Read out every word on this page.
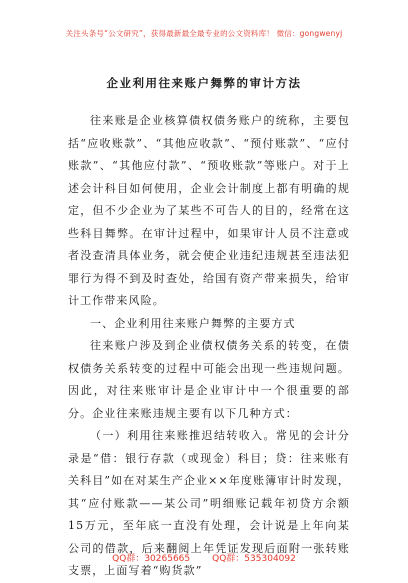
关注头条号“公文研究”，获得最新最全最专业的公文资料库！ 微信：gongwenyj
企业利用往来账户舞弊的审计方法

往来账是企业核算债权债务账户的统称，主要包括“应收账款”、“其他应收款”、“预付账款”、“应付账款”、“其他应付款”、“预收账款”等账户。对于上述会计科目如何使用，企业会计制度上都有明确的规定，但不少企业为了某些不可告人的目的，经常在这些科目舞弊。在审计过程中，如果审计人员不注意或者没查清具体业务，就会使企业违纪违规甚至违法犯罪行为得不到及时查处，给国有资产带来损失，给审计工作带来风险。

一、企业利用往来账户舞弊的主要方式

往来账户涉及到企业债权债务关系的转变，在债权债务关系转变的过程中可能会出现一些违规问题。因此，对往来账审计是企业审计中一个很重要的部分。企业往来账违规主要有以下几种方式：

（一）利用往来账推迟结转收入。常见的会计分录是“借：银行存款（或现金）科目；贷：往来账有关科目”如在对某生产企业××年度账簿审计时发现，其“应付账款——某公司”明细账记载年初贷方余额15万元，至年底一直没有处理，会计说是上年向某公司的借款，后来翻阅上年凭证发现后面附一张转账支票，上面写着“购货款”

QQ群：30265665 QQ群：535304092
